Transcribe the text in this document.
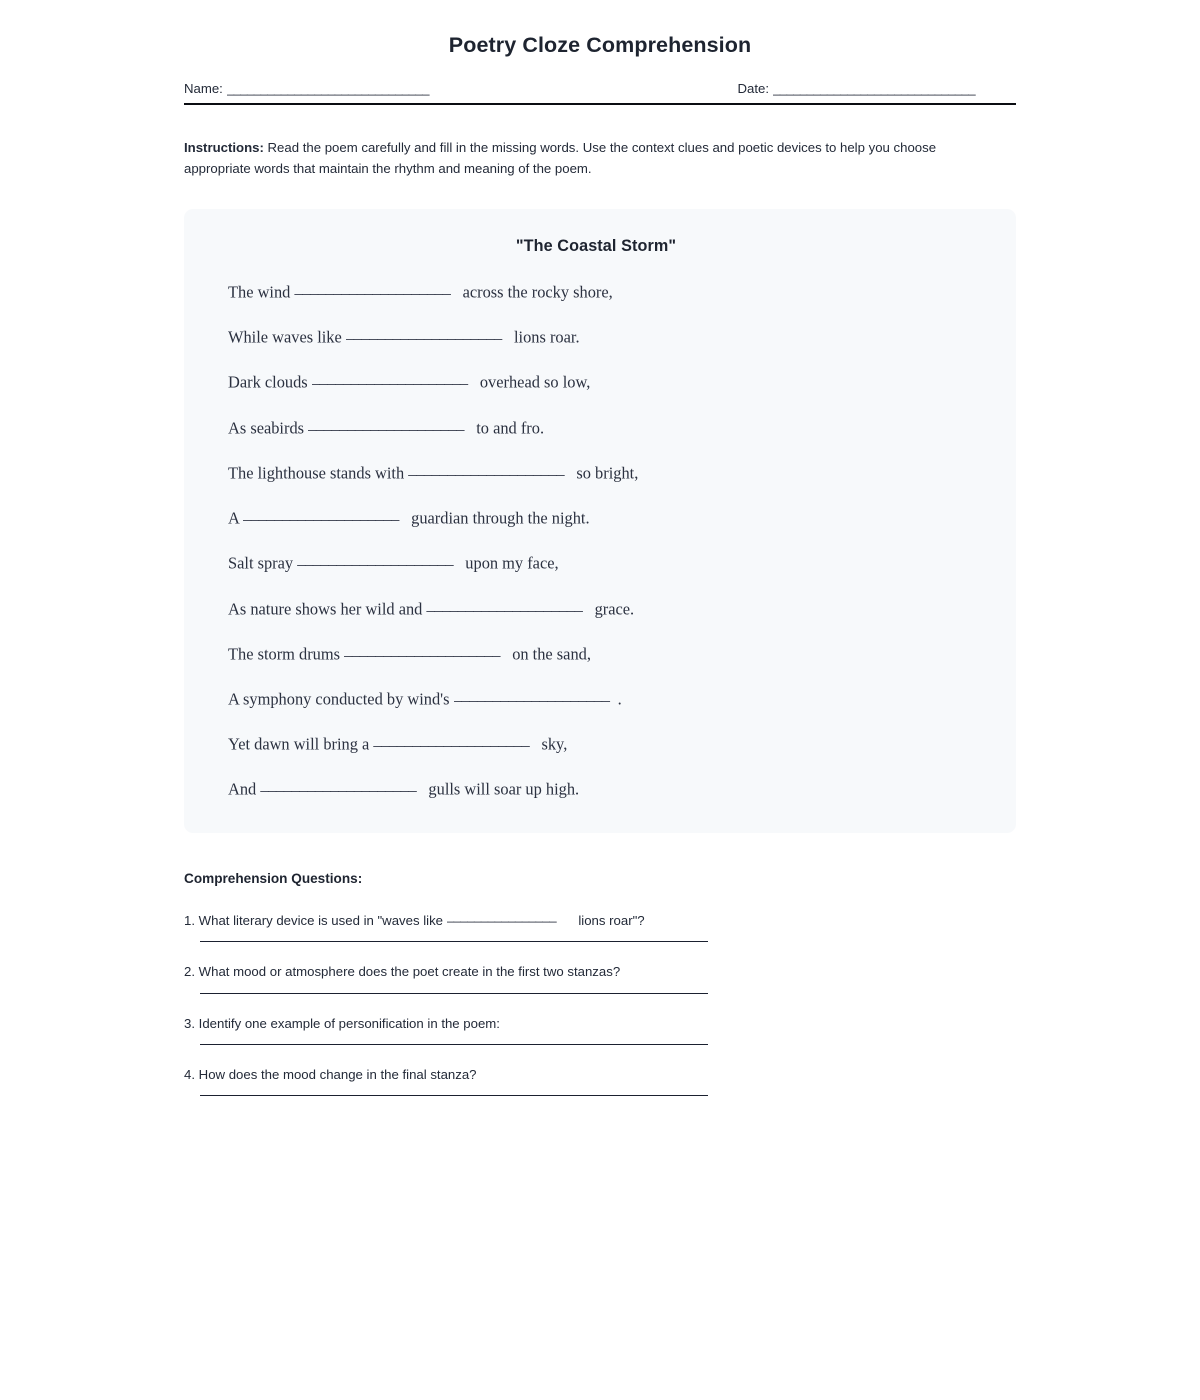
Poetry Cloze Comprehension
Name: ______________________________	Date: ______________________________

Instructions: Read the poem carefully and fill in the missing words. Use the context clues and poetic devices to help you choose appropriate words that maintain the rhythm and meaning of the poem.

"The Coastal Storm"
The wind ____________________ across the rocky shore,
While waves like ____________________ lions roar.
Dark clouds ____________________ overhead so low,
As seabirds ____________________ to and fro.
The lighthouse stands with ____________________ so bright,
A ____________________ guardian through the night.
Salt spray ____________________ upon my face,
As nature shows her wild and ____________________ grace.
The storm drums ____________________ on the sand,
A symphony conducted by wind's ____________________ .
Yet dawn will bring a ____________________ sky,
And ____________________ gulls will soar up high.
Comprehension Questions:
1. What literary device is used in "waves like ________________ lions roar"?
2. What mood or atmosphere does the poet create in the first two stanzas?
3. Identify one example of personification in the poem:
4. How does the mood change in the final stanza?
